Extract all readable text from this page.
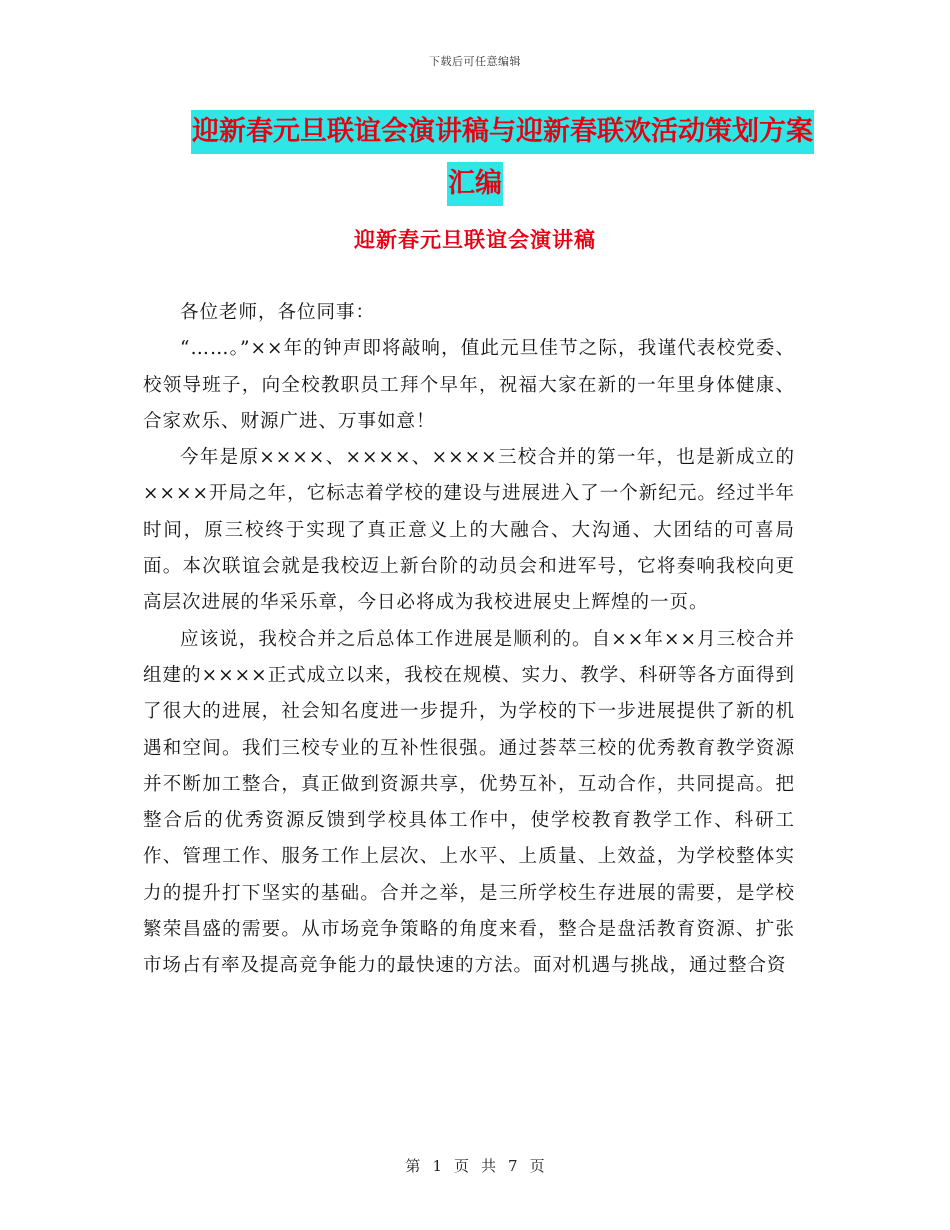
下载后可任意编辑
迎新春元旦联谊会演讲稿与迎新春联欢活动策划方案
汇编
迎新春元旦联谊会演讲稿

各位老师，各位同事：

“……。”××年的钟声即将敲响，值此元旦佳节之际，我谨代表校党委、校领导班子，向全校教职员工拜个早年，祝福大家在新的一年里身体健康、合家欢乐、财源广进、万事如意！

今年是原××××、××××、××××三校合并的第一年，也是新成立的××××开局之年，它标志着学校的建设与进展进入了一个新纪元。经过半年时间，原三校终于实现了真正意义上的大融合、大沟通、大团结的可喜局面。本次联谊会就是我校迈上新台阶的动员会和进军号，它将奏响我校向更高层次进展的华采乐章，今日必将成为我校进展史上辉煌的一页。

应该说，我校合并之后总体工作进展是顺利的。自××年××月三校合并组建的××××正式成立以来，我校在规模、实力、教学、科研等各方面得到了很大的进展，社会知名度进一步提升，为学校的下一步进展提供了新的机遇和空间。我们三校专业的互补性很强。通过荟萃三校的优秀教育教学资源并不断加工整合，真正做到资源共享，优势互补，互动合作，共同提高。把整合后的优秀资源反馈到学校具体工作中，使学校教育教学工作、科研工作、管理工作、服务工作上层次、上水平、上质量、上效益，为学校整体实力的提升打下坚实的基础。合并之举，是三所学校生存进展的需要，是学校繁荣昌盛的需要。从市场竞争策略的角度来看，整合是盘活教育资源、扩张市场占有率及提高竞争能力的最快速的方法。面对机遇与挑战，通过整合资

第 1 页 共 7 页
